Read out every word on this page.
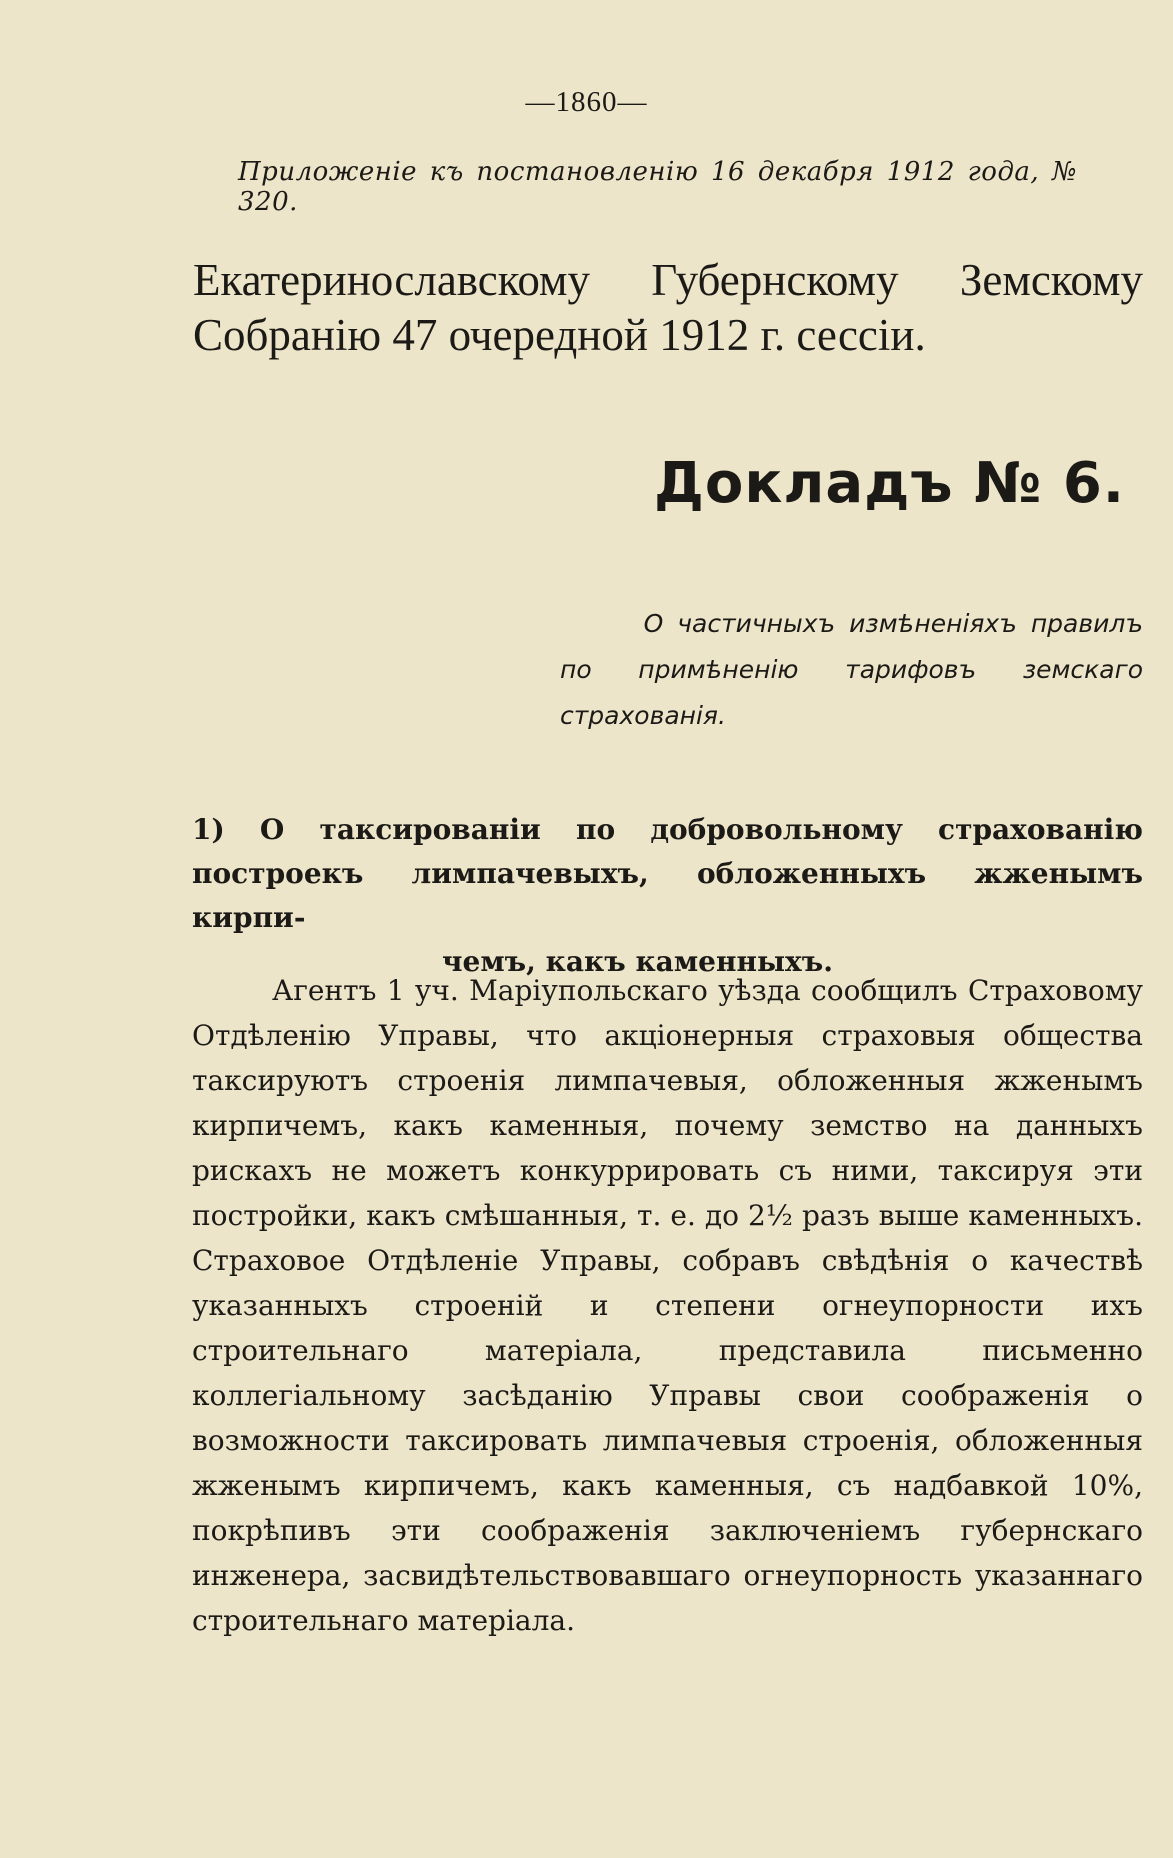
—1860—
Приложенiе къ постановленiю 16 декабря 1912 года, № 320.
Екатеринославскому Губернскому Земскому Собранiю 47 очередной 1912 г. сессiи.
Докладъ № 6.
О частичныхъ измѣненiяхъ правилъ
по примѣненiю тарифовъ земскаго страхованiя.
1) О таксированiи по добровольному страхованiю построекъ лимпачевыхъ, обложенныхъ жженымъ кирпи-
чемъ, какъ каменныхъ.
Агентъ 1 уч. Марiупольскаго уѣзда сообщилъ Страховому Отдѣленiю Управы, что акцiонерныя страховыя общества таксируютъ строенiя лимпачевыя, обложенныя жженымъ кирпичемъ, какъ каменныя, почему земство на данныхъ рискахъ не можетъ конкуррировать съ ними, таксируя эти постройки, какъ смѣшанныя, т. е. до 2½ разъ выше каменныхъ. Страховое Отдѣленiе Управы, собравъ свѣдѣнiя о качествѣ указанныхъ строенiй и степени огнеупорности ихъ строительнаго матерiала, представила письменно коллегiальному засѣданiю Управы свои соображенiя о возможности таксировать лимпачевыя строенiя, обложенныя жженымъ кирпичемъ, какъ каменныя, съ надбавкой 10%, покрѣпивъ эти соображенiя заключенiемъ губернскаго инженера, засвидѣтельствовавшаго огнеупорность указаннаго строительнаго матерiала.
